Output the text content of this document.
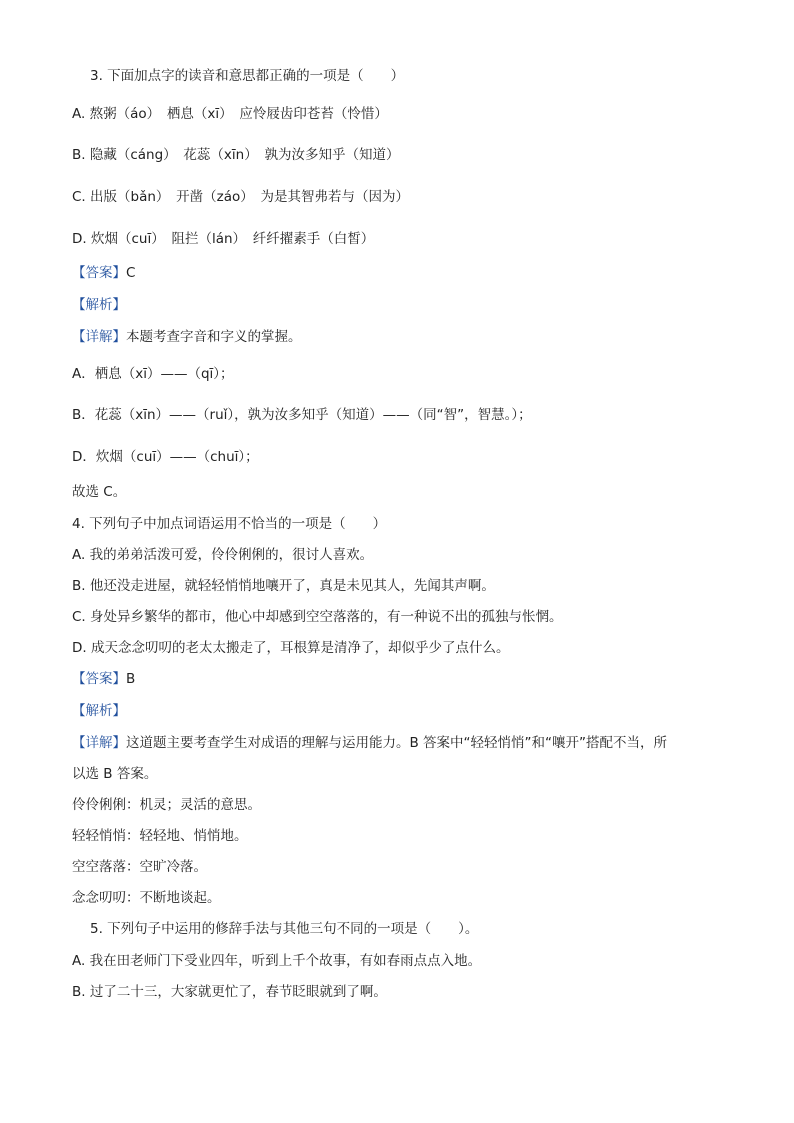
3. 下面加点字的读音和意思都正确的一项是（　　）
A. 熬粥（áo）　栖息（xī）　应怜屐齿印苍苔（怜惜）
B. 隐藏（cáng）　花蕊（xīn）　孰为汝多知乎（知道）
C. 出版（bǎn）　开凿（záo）　为是其智弗若与（因为）
D. 炊烟（cuī）　阻拦（lán）　纤纤擢素手（白皙）
【答案】C
【解析】
【详解】本题考查字音和字义的掌握。
A．栖息（xī）——（qī）；
B．花蕊（xīn）——（ruǐ），孰为汝多知乎（知道）——（同“智”，智慧。）；
D．炊烟（cuī）——（chuī）；
故选 C。
4. 下列句子中加点词语运用不恰当的一项是（　　）
A. 我的弟弟活泼可爱，伶伶俐俐的，很讨人喜欢。
B. 他还没走进屋，就轻轻悄悄地嚷开了，真是未见其人，先闻其声啊。
C. 身处异乡繁华的都市，他心中却感到空空落落的，有一种说不出的孤独与怅惘。
D. 成天念念叨叨的老太太搬走了，耳根算是清净了，却似乎少了点什么。
【答案】B
【解析】
【详解】这道题主要考查学生对成语的理解与运用能力。B 答案中“轻轻悄悄”和“嚷开”搭配不当，所
以选 B 答案。
伶伶俐俐：机灵；灵活的意思。
轻轻悄悄：轻轻地、悄悄地。
空空落落：空旷冷落。
念念叨叨：不断地谈起。
5. 下列句子中运用的修辞手法与其他三句不同的一项是（　　）。
A. 我在田老师门下受业四年，听到上千个故事，有如春雨点点入地。
B. 过了二十三，大家就更忙了，春节眨眼就到了啊。
